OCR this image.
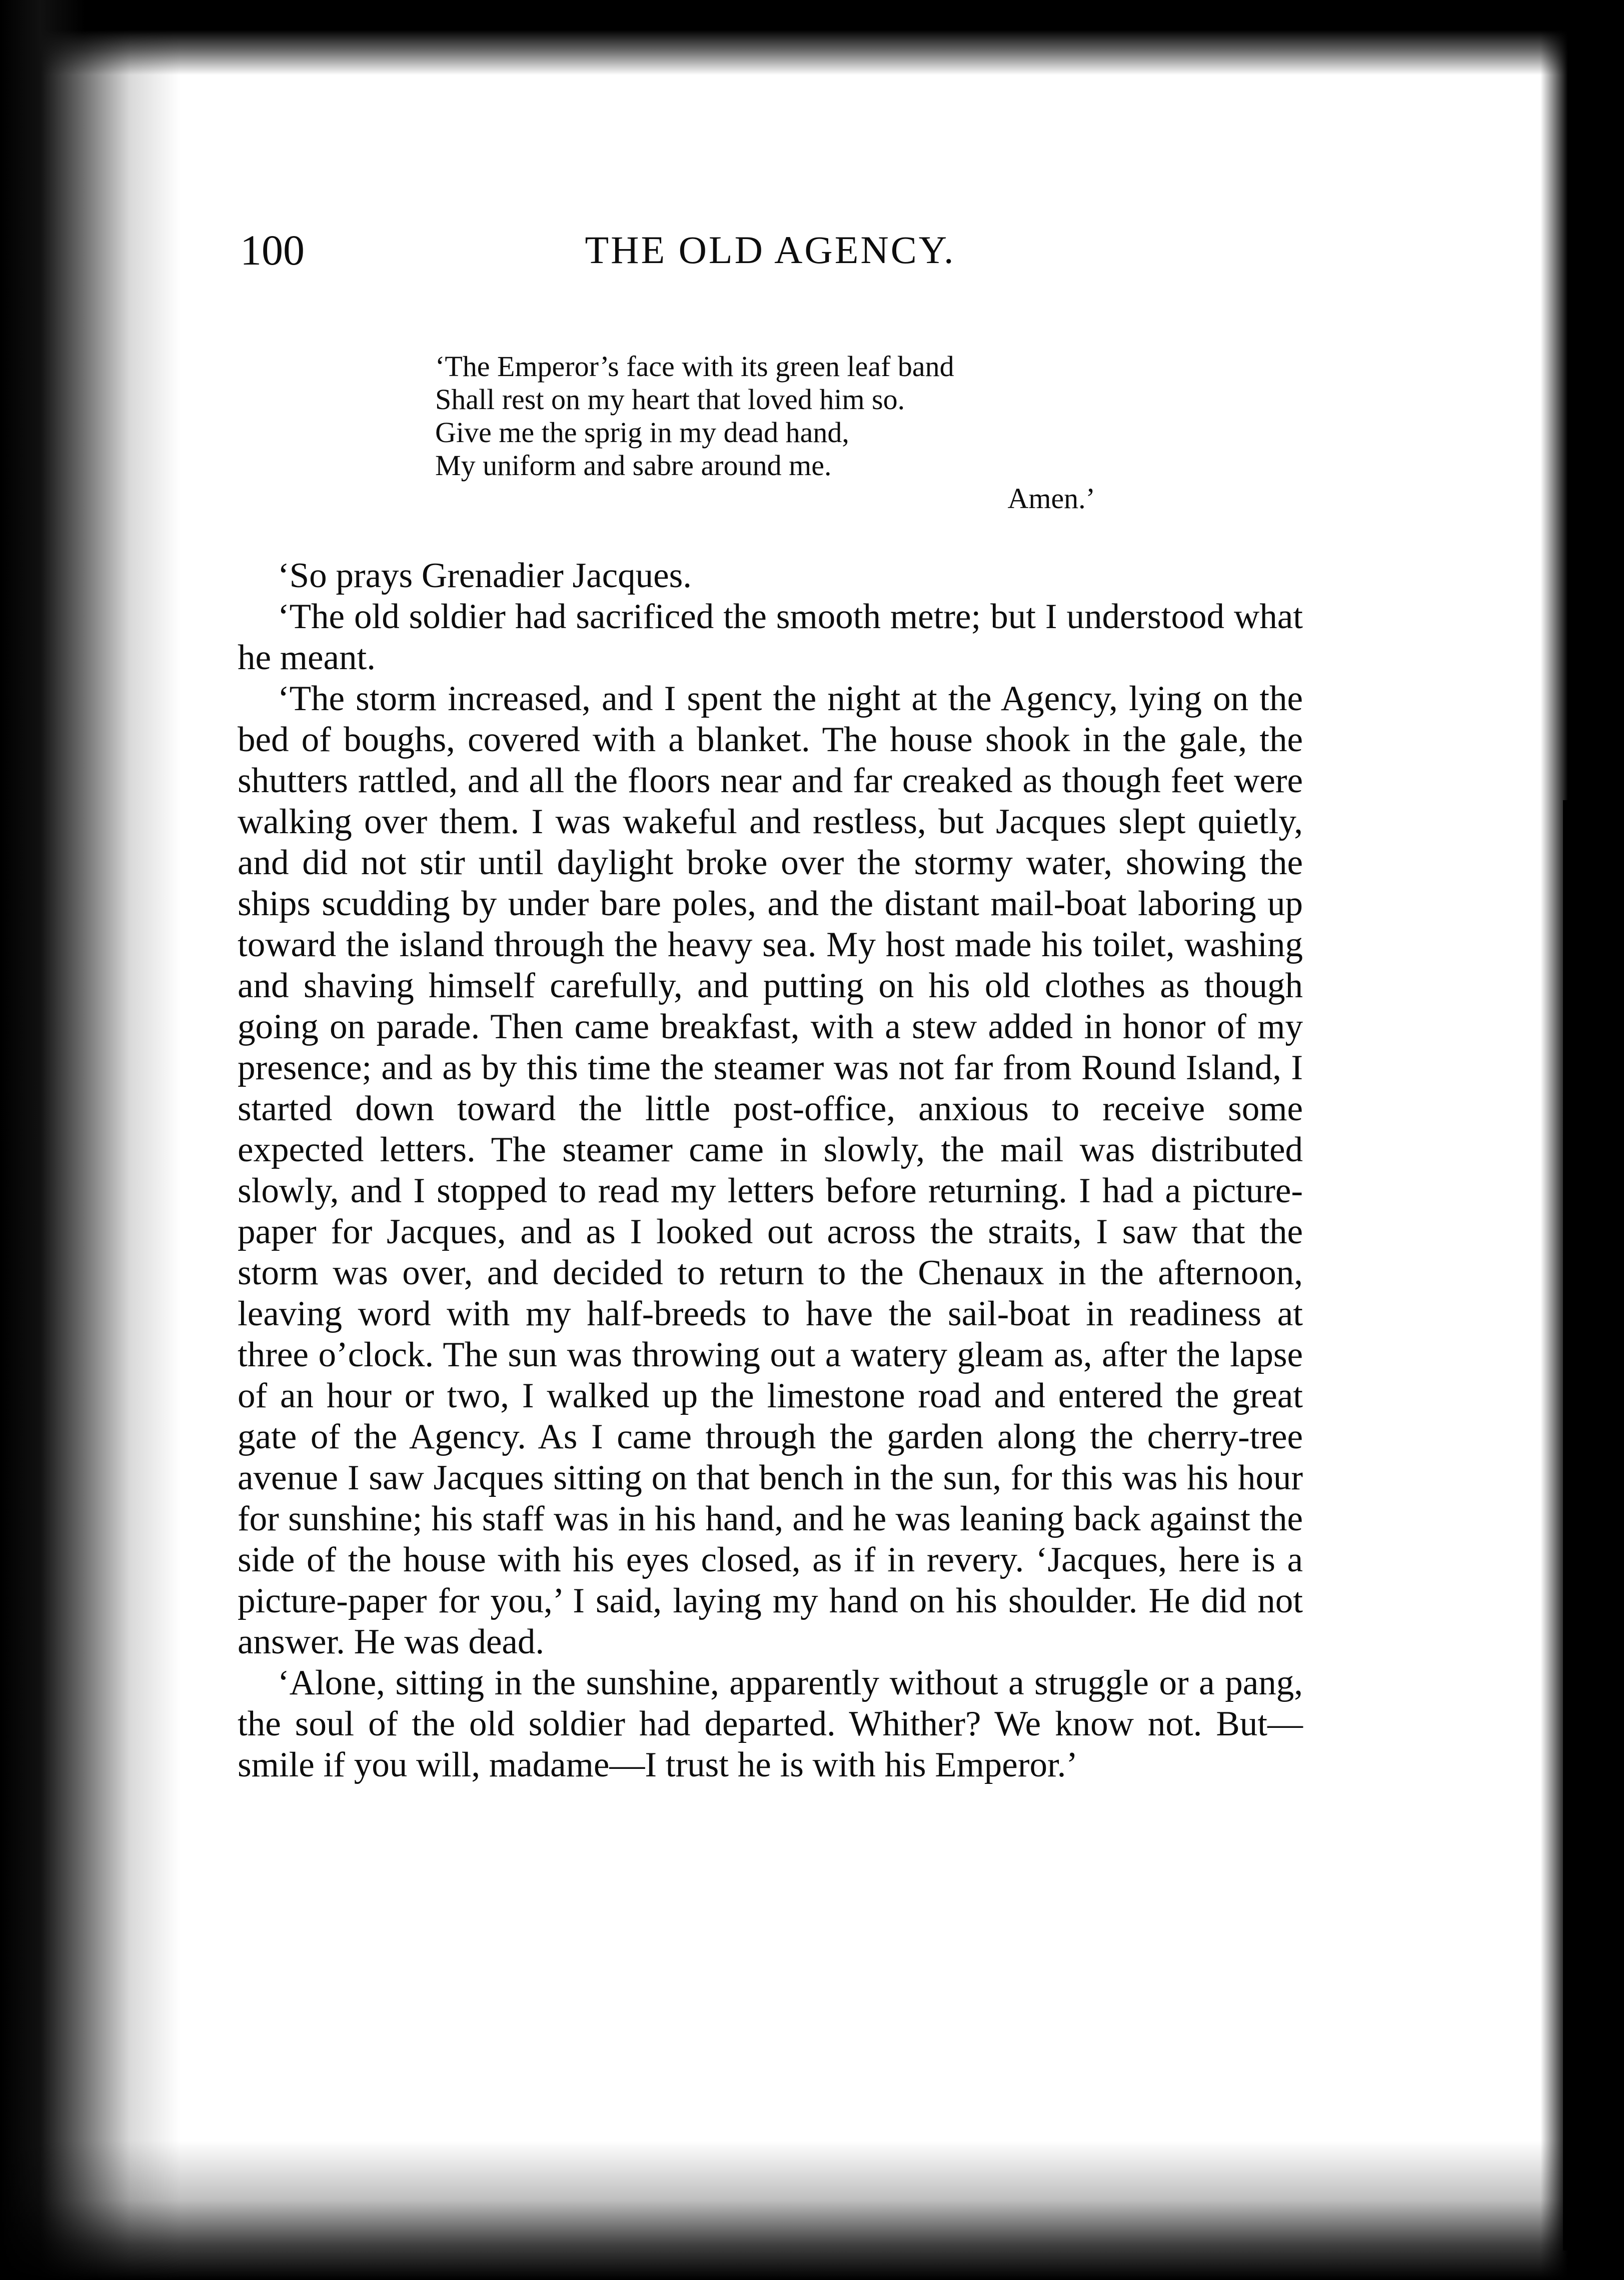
100	THE OLD AGENCY.
‘The Emperor’s face with its green leaf band
Shall rest on my heart that loved him so.
Give me the sprig in my dead hand,
My uniform and sabre around me.
Amen.’

‘So prays Grenadier Jacques.

‘The old soldier had sacrificed the smooth metre; but I understood what he meant.

‘The storm increased, and I spent the night at the Agency, lying on the bed of boughs, covered with a blanket. The house shook in the gale, the shutters rattled, and all the floors near and far creaked as though feet were walking over them. I was wakeful and restless, but Jacques slept quietly, and did not stir until daylight broke over the stormy water, showing the ships scudding by under bare poles, and the distant mail-boat laboring up toward the island through the heavy sea. My host made his toilet, washing and shaving himself carefully, and putting on his old clothes as though going on parade. Then came breakfast, with a stew added in honor of my presence; and as by this time the steamer was not far from Round Island, I started down toward the little post-office, anxious to receive some expected letters. The steamer came in slowly, the mail was distributed slowly, and I stopped to read my letters before returning. I had a picture-paper for Jacques, and as I looked out across the straits, I saw that the storm was over, and decided to return to the Chenaux in the afternoon, leaving word with my half-breeds to have the sail-boat in readiness at three o’clock. The sun was throwing out a watery gleam as, after the lapse of an hour or two, I walked up the limestone road and entered the great gate of the Agency. As I came through the garden along the cherry-tree avenue I saw Jacques sitting on that bench in the sun, for this was his hour for sunshine; his staff was in his hand, and he was leaning back against the side of the house with his eyes closed, as if in revery. ‘Jacques, here is a picture-paper for you,’ I said, laying my hand on his shoulder. He did not answer. He was dead.

‘Alone, sitting in the sunshine, apparently without a struggle or a pang, the soul of the old soldier had departed. Whither? We know not. But—smile if you will, madame—I trust he is with his Emperor.’
